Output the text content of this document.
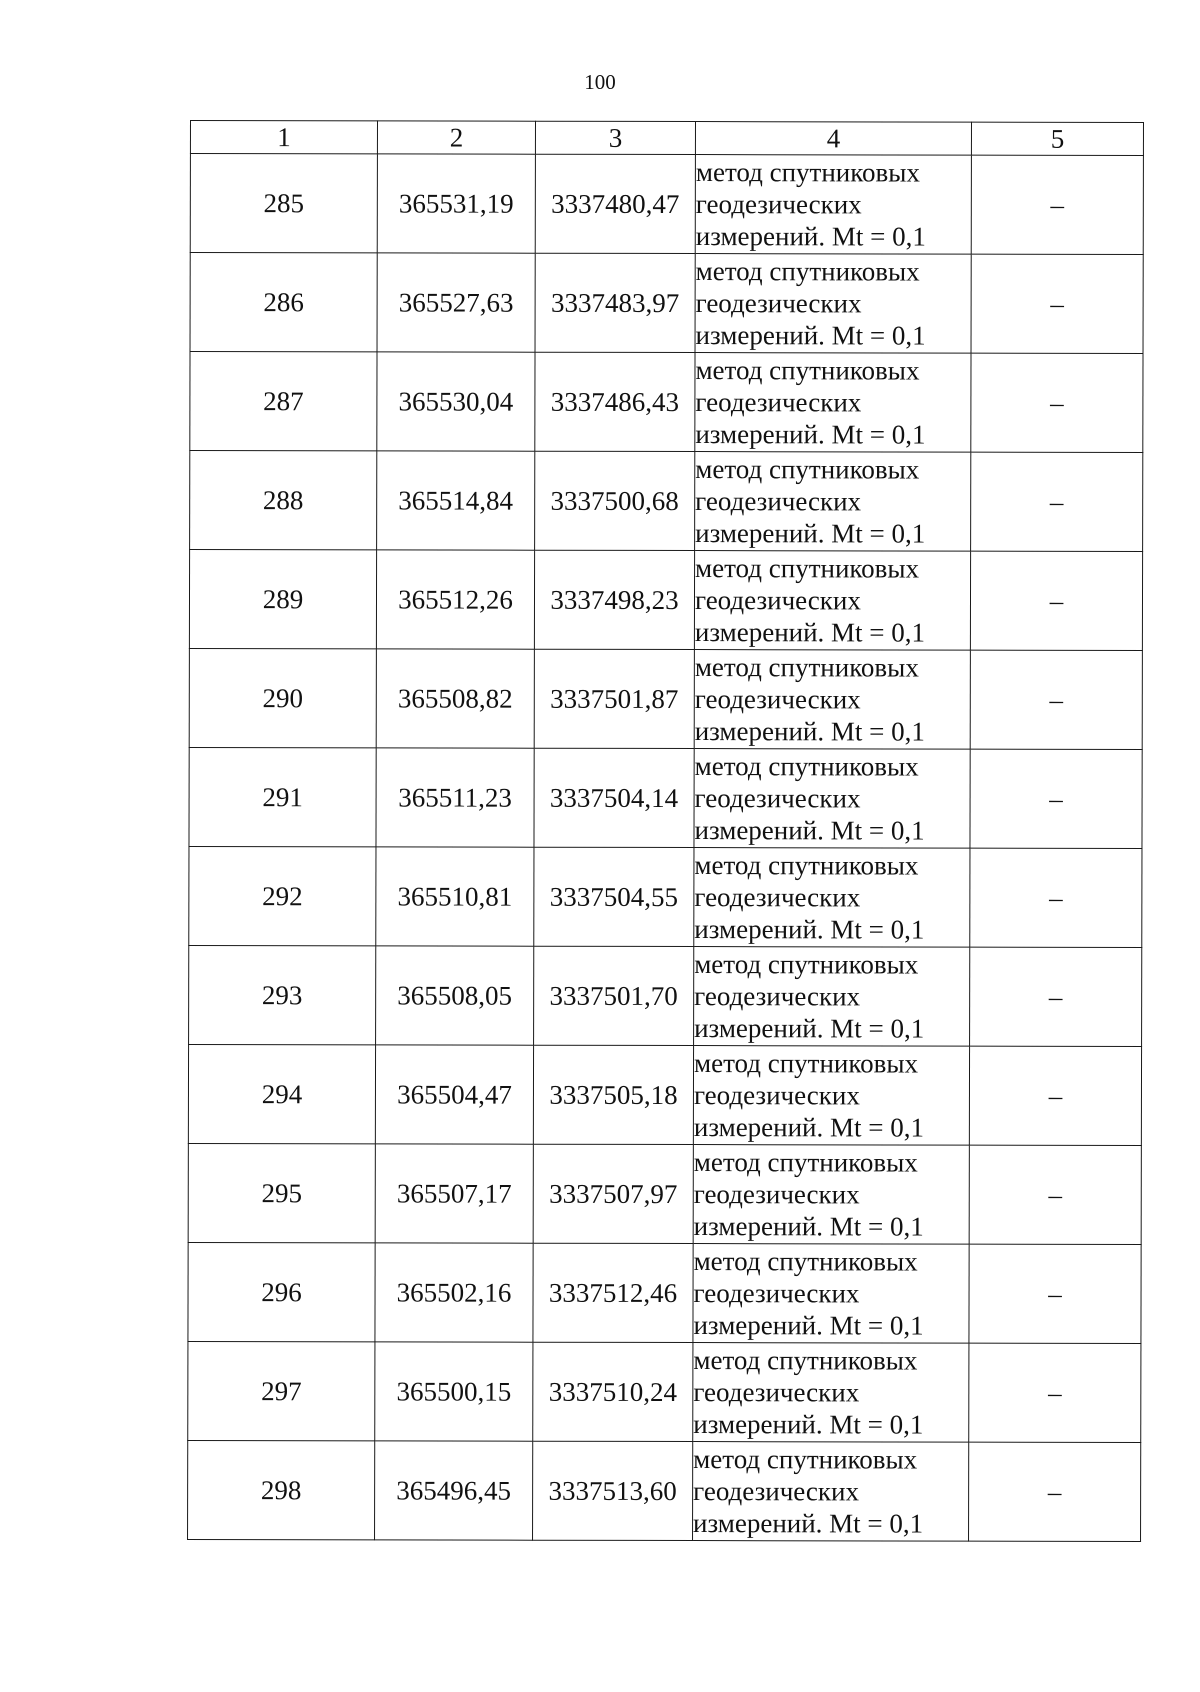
100
1	2	3	4	5
285	365531,19	3337480,47	метод спутниковых
геодезических
измерений. Mt = 0,1	–
286	365527,63	3337483,97	метод спутниковых
геодезических
измерений. Mt = 0,1	–
287	365530,04	3337486,43	метод спутниковых
геодезических
измерений. Mt = 0,1	–
288	365514,84	3337500,68	метод спутниковых
геодезических
измерений. Mt = 0,1	–
289	365512,26	3337498,23	метод спутниковых
геодезических
измерений. Mt = 0,1	–
290	365508,82	3337501,87	метод спутниковых
геодезических
измерений. Mt = 0,1	–
291	365511,23	3337504,14	метод спутниковых
геодезических
измерений. Mt = 0,1	–
292	365510,81	3337504,55	метод спутниковых
геодезических
измерений. Mt = 0,1	–
293	365508,05	3337501,70	метод спутниковых
геодезических
измерений. Mt = 0,1	–
294	365504,47	3337505,18	метод спутниковых
геодезических
измерений. Mt = 0,1	–
295	365507,17	3337507,97	метод спутниковых
геодезических
измерений. Mt = 0,1	–
296	365502,16	3337512,46	метод спутниковых
геодезических
измерений. Mt = 0,1	–
297	365500,15	3337510,24	метод спутниковых
геодезических
измерений. Mt = 0,1	–
298	365496,45	3337513,60	метод спутниковых
геодезических
измерений. Mt = 0,1	–
